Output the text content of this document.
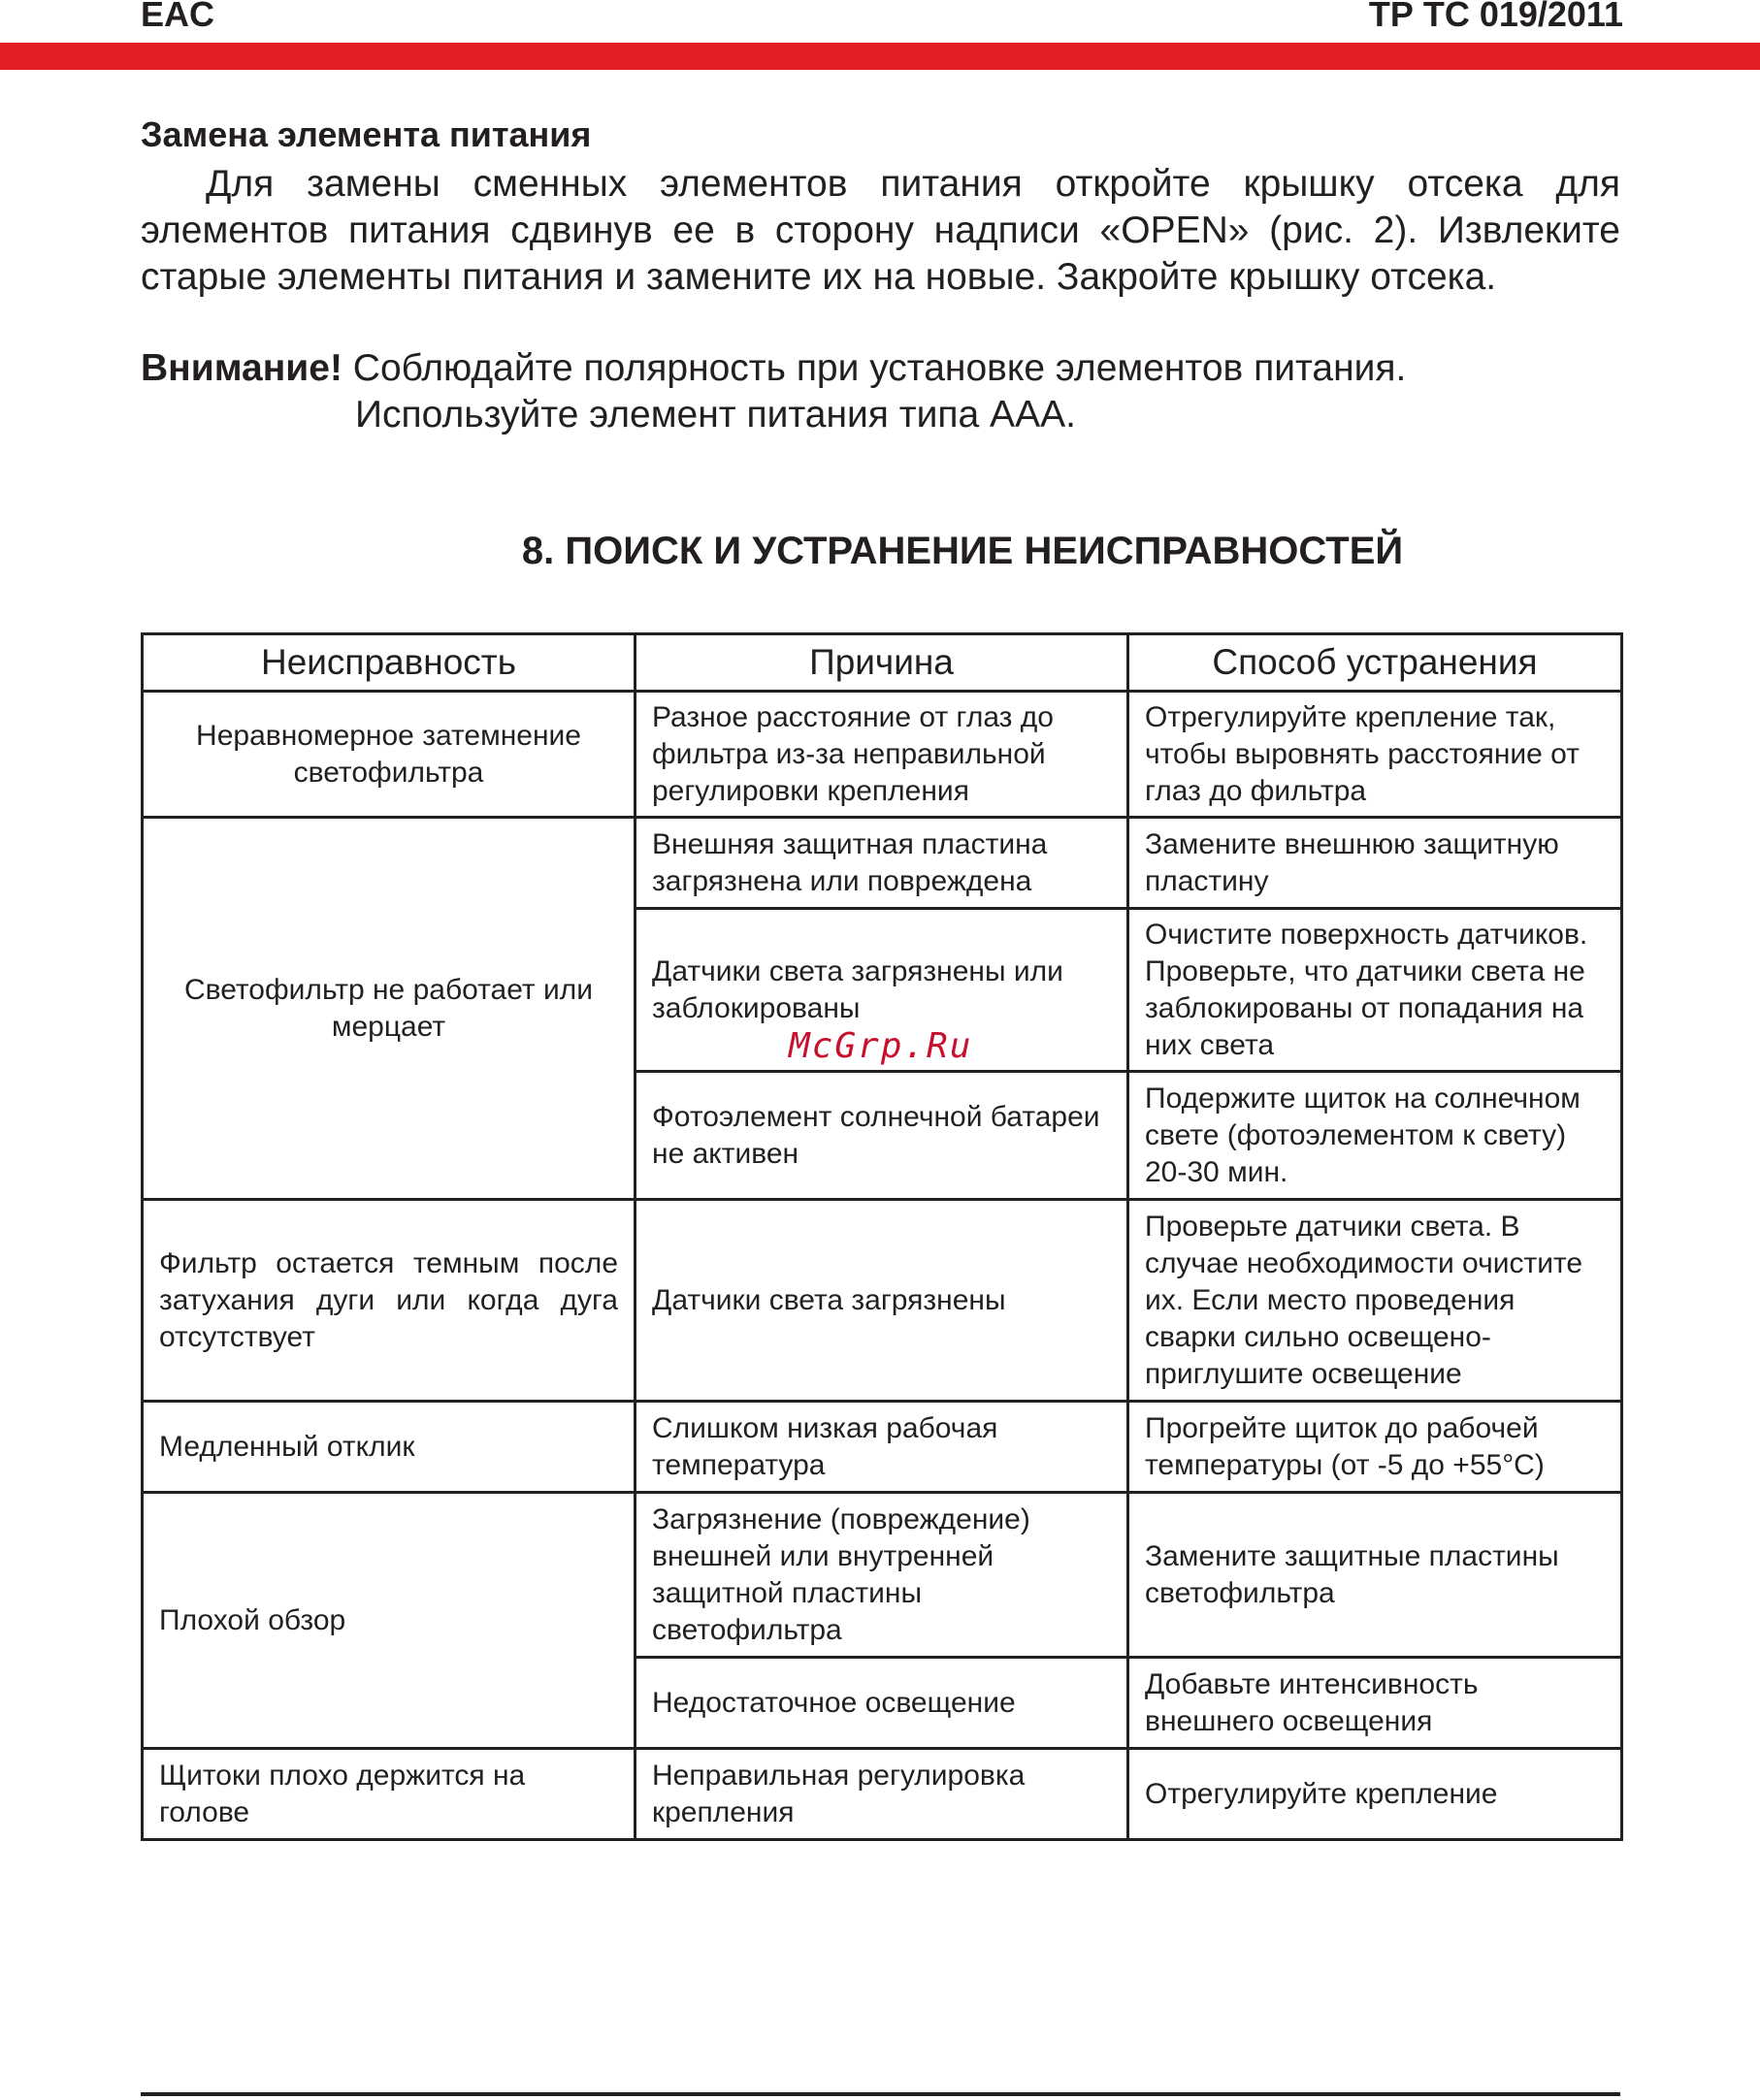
EAC	ТР ТС 019/2011
Замена элемента питания
Для замены сменных элементов питания откройте крышку отсека для элементов питания сдвинув ее в сторону надписи «OPEN» (рис. 2). Извлеките старые элементы питания и замените их на новые. Закройте крышку отсека.
Внимание! Соблюдайте полярность при установке элементов питания.
Используйте элемент питания типа AAA.
8. ПОИСК И УСТРАНЕНИЕ НЕИСПРАВНОСТЕЙ
Неисправность	Причина	Способ устранения
Неравномерное затемнение светофильтра	Разное расстояние от глаз до фильтра из-за неправильной регулировки крепления	Отрегулируйте крепление так, чтобы выровнять расстояние от глаз до фильтра
Светофильтр не работает или мерцает	Внешняя защитная пластина загрязнена или повреждена	Замените внешнюю защитную пластину
	Датчики света загрязнены или заблокированы	Очистите поверхность датчиков. Проверьте, что датчики света не заблокированы от попадания на них света
	Фотоэлемент солнечной батареи не активен	Подержите щиток на солнечном свете (фотоэлементом к свету) 20-30 мин.
Фильтр остается темным после затухания дуги или когда дуга отсутствует	Датчики света загрязнены	Проверьте датчики света. В случае необходимости очистите их. Если место проведения сварки сильно освещено-приглушите освещение
Медленный отклик	Слишком низкая рабочая температура	Прогрейте щиток до рабочей температуры (от -5 до +55°С)
Плохой обзор	Загрязнение (повреждение) внешней или внутренней защитной пластины светофильтра	Замените защитные пластины светофильтра
	Недостаточное освещение	Добавьте интенсивность внешнего освещения
Щитоки плохо держится на голове	Неправильная регулировка крепления	Отрегулируйте крепление
McGrp.Ru
